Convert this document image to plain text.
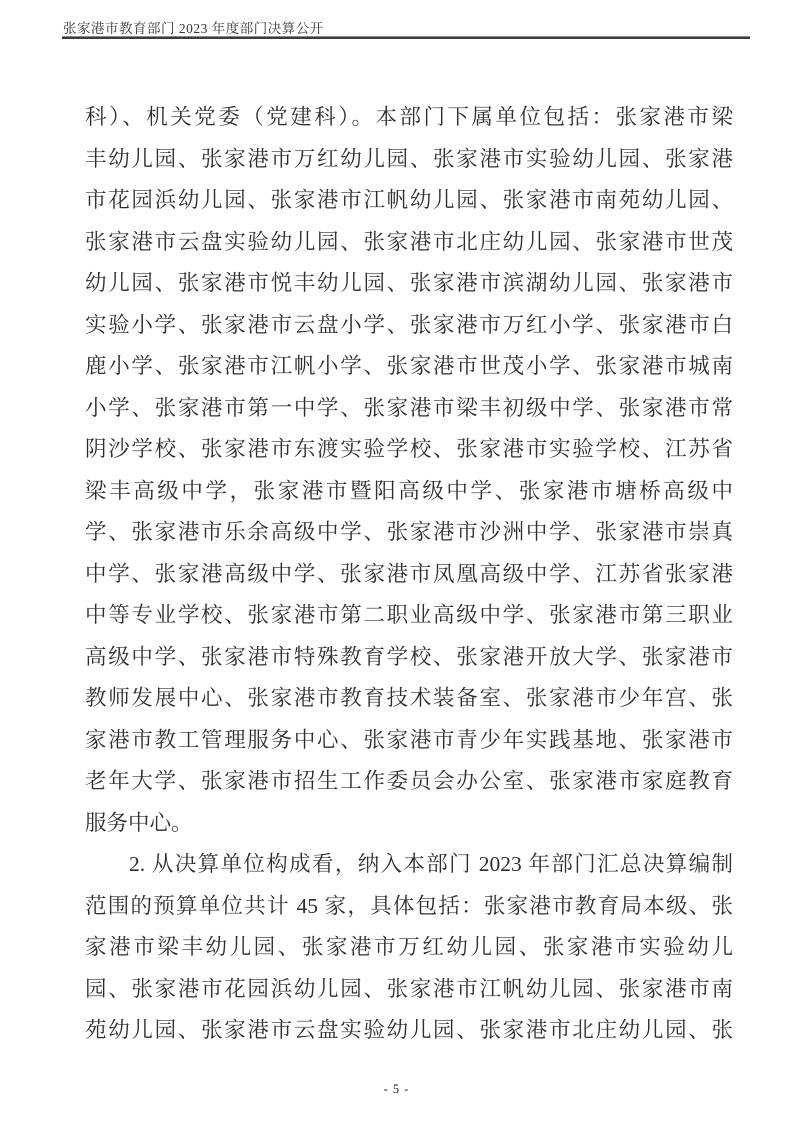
张家港市教育部门 2023 年度部门决算公开
科）、机关党委（党建科）。本部门下属单位包括：张家港市梁
丰幼儿园、张家港市万红幼儿园、张家港市实验幼儿园、张家港
市花园浜幼儿园、张家港市江帆幼儿园、张家港市南苑幼儿园、
张家港市云盘实验幼儿园、张家港市北庄幼儿园、张家港市世茂
幼儿园、张家港市悦丰幼儿园、张家港市滨湖幼儿园、张家港市
实验小学、张家港市云盘小学、张家港市万红小学、张家港市白
鹿小学、张家港市江帆小学、张家港市世茂小学、张家港市城南
小学、张家港市第一中学、张家港市梁丰初级中学、张家港市常
阴沙学校、张家港市东渡实验学校、张家港市实验学校、江苏省
梁丰高级中学，张家港市暨阳高级中学、张家港市塘桥高级中
学、张家港市乐余高级中学、张家港市沙洲中学、张家港市崇真
中学、张家港高级中学、张家港市凤凰高级中学、江苏省张家港
中等专业学校、张家港市第二职业高级中学、张家港市第三职业
高级中学、张家港市特殊教育学校、张家港开放大学、张家港市
教师发展中心、张家港市教育技术装备室、张家港市少年宫、张
家港市教工管理服务中心、张家港市青少年实践基地、张家港市
老年大学、张家港市招生工作委员会办公室、张家港市家庭教育
服务中心。
2. 从决算单位构成看，纳入本部门 2023 年部门汇总决算编制
范围的预算单位共计 45 家，具体包括：张家港市教育局本级、张
家港市梁丰幼儿园、张家港市万红幼儿园、张家港市实验幼儿
园、张家港市花园浜幼儿园、张家港市江帆幼儿园、张家港市南
苑幼儿园、张家港市云盘实验幼儿园、张家港市北庄幼儿园、张
- 5 -
